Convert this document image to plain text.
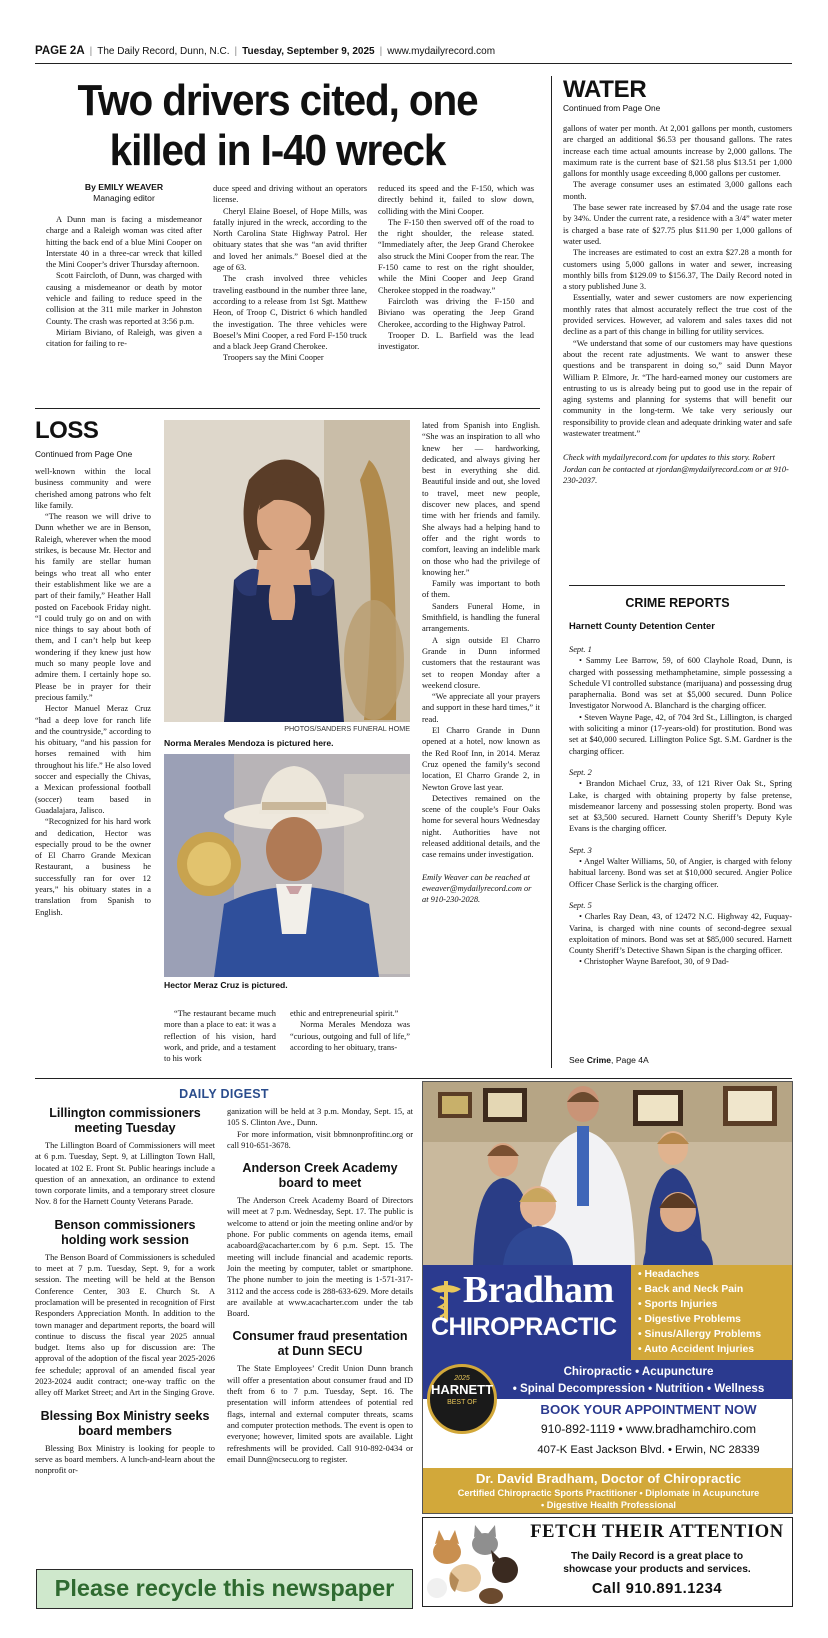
PAGE 2A | The Daily Record, Dunn, N.C. | Tuesday, September 9, 2025 | www.mydailyrecord.com
Two drivers cited, one killed in I-40 wreck
By EMILY WEAVER
Managing editor

A Dunn man is facing a misdemeanor charge and a Raleigh woman was cited after hitting the back end of a blue Mini Cooper on Interstate 40 in a three-car wreck that killed the Mini Cooper’s driver Thursday afternoon.

Scott Faircloth, of Dunn, was charged with causing a misdemeanor or death by motor vehicle and failing to reduce speed in the collision at the 311 mile marker in Johnston County. The crash was reported at 3:56 p.m.

Miriam Biviano, of Raleigh, was given a citation for failing to re-

duce speed and driving without an operators license.

Cheryl Elaine Boesel, of Hope Mills, was fatally injured in the wreck, according to the North Carolina State Highway Patrol. Her obituary states that she was “an avid thrifter and loved her animals.” Boesel died at the age of 63.

The crash involved three vehicles traveling eastbound in the number three lane, according to a release from 1st Sgt. Matthew Heon, of Troop C, District 6 which handled the investigation. The three vehicles were Boesel’s Mini Cooper, a red Ford F-150 truck and a black Jeep Grand Cherokee.

Troopers say the Mini Cooper

reduced its speed and the F-150, which was directly behind it, failed to slow down, colliding with the Mini Cooper.

The F-150 then swerved off of the road to the right shoulder, the release stated. “Immediately after, the Jeep Grand Cherokee also struck the Mini Cooper from the rear. The F-150 came to rest on the right shoulder, while the Mini Cooper and Jeep Grand Cherokee stopped in the roadway.”

Faircloth was driving the F-150 and Biviano was operating the Jeep Grand Cherokee, according to the Highway Patrol.

Trooper D. L. Barfield was the lead investigator.

LOSS
Continued from Page One

well-known within the local business community and were cherished among patrons who felt like family.

“The reason we will drive to Dunn whether we are in Benson, Raleigh, wherever when the mood strikes, is because Mr. Hector and his family are stellar human beings who treat all who enter their establishment like we are a part of their family,” Heather Hall posted on Facebook Friday night. “I could truly go on and on with nice things to say about both of them, and I can’t help but keep wondering if they knew just how much so many people love and admire them. I certainly hope so. Please be in prayer for their precious family.”

Hector Manuel Meraz Cruz “had a deep love for ranch life and the countryside,” according to his obituary, “and his passion for horses remained with him throughout his life.” He also loved soccer and especially the Chivas, a Mexican professional football (soccer) team based in Guadalajara, Jalisco.

“Recognized for his hard work and dedication, Hector was especially proud to be the owner of El Charro Grande Mexican Restaurant, a business he successfully ran for over 12 years,” his obituary states in a translation from Spanish to English.

PHOTOS/SANDERS FUNERAL HOME
Norma Merales Mendoza is pictured here.
Hector Meraz Cruz is pictured.

“The restaurant became much more than a place to eat: it was a reflection of his vision, hard work, and pride, and a testament to his work

ethic and entrepreneurial spirit.”

Norma Merales Mendoza was “curious, outgoing and full of life,” according to her obituary, trans-

lated from Spanish into English. “She was an inspiration to all who knew her — hardworking, dedicated, and always giving her best in everything she did. Beautiful inside and out, she loved to travel, meet new people, discover new places, and spend time with her friends and family. She always had a helping hand to offer and the right words to comfort, leaving an indelible mark on those who had the privilege of knowing her.”

Family was important to both of them.

Sanders Funeral Home, in Smithfield, is handling the funeral arrangements.

A sign outside El Charro Grande in Dunn informed customers that the restaurant was set to reopen Monday after a weekend closure.

“We appreciate all your prayers and support in these hard times,” it read.

El Charro Grande in Dunn opened at a hotel, now known as the Red Roof Inn, in 2014. Meraz Cruz opened the family’s second location, El Charro Grande 2, in Newton Grove last year.

Detectives remained on the scene of the couple’s Four Oaks home for several hours Wednesday night. Authorities have not released additional details, and the case remains under investigation.

Emily Weaver can be reached at eweaver@mydailyrecord.com or at 910-230-2028.

WATER
Continued from Page One

gallons of water per month. At 2,001 gallons per month, customers are charged an additional $6.53 per thousand gallons. The rates increase each time actual amounts increase by 2,000 gallons. The maximum rate is the current base of $21.58 plus $13.51 per 1,000 gallons for monthly usage exceeding 8,000 gallons per customer.

The average consumer uses an estimated 3,000 gallons each month.

The base sewer rate increased by $7.04 and the usage rate rose by 34%. Under the current rate, a residence with a 3/4” water meter is charged a base rate of $27.75 plus $11.90 per 1,000 gallons of water used.

The increases are estimated to cost an extra $27.28 a month for customers using 5,000 gallons in water and sewer, increasing monthly bills from $129.09 to $156.37, The Daily Record noted in a story published June 3.

Essentially, water and sewer customers are now experiencing monthly rates that almost accurately reflect the true cost of the provided services. However, ad valorem and sales taxes did not decline as a part of this change in billing for utility services.

“We understand that some of our customers may have questions about the recent rate adjustments. We want to answer these questions and be transparent in doing so,” said Dunn Mayor William P. Elmore, Jr. “The hard-earned money our customers are entrusting to us is already being put to good use in the repair of aging systems and planning for systems that will benefit our community in the long-term. We take very seriously our responsibility to provide clean and adequate drinking water and safe wastewater treatment.”

Check with mydailyrecord.com for updates to this story. Robert Jordan can be contacted at rjordan@mydailyrecord.com or at 910-230-2037.

CRIME REPORTS
Harnett County Detention Center
Sept. 1

• Sammy Lee Barrow, 59, of 600 Clayhole Road, Dunn, is charged with possessing methamphetamine, simple possessing a Schedule VI controlled substance (marijuana) and possessing drug paraphernalia. Bond was set at $5,000 secured. Dunn Police Investigator Norwood A. Blanchard is the charging officer.

• Steven Wayne Page, 42, of 704 3rd St., Lillington, is charged with soliciting a minor (17-years-old) for prostitution. Bond was set at $40,000 secured. Lillington Police Sgt. S.M. Gardner is the charging officer.

Sept. 2

• Brandon Michael Cruz, 33, of 121 River Oak St., Spring Lake, is charged with obtaining property by false pretense, misdemeanor larceny and possessing stolen property. Bond was set at $3,500 secured. Harnett County Sheriff’s Deputy Kyle Evans is the charging officer.

Sept. 3

• Angel Walter Williams, 50, of Angier, is charged with felony habitual larceny. Bond was set at $10,000 secured. Angier Police Officer Chase Serlick is the charging officer.

Sept. 5

• Charles Ray Dean, 43, of 12472 N.C. Highway 42, Fuquay-Varina, is charged with nine counts of second-degree sexual exploitation of minors. Bond was set at $85,000 secured. Harnett County Sheriff’s Detective Shawn Sipan is the charging officer.

• Christopher Wayne Barefoot, 30, of 9 Dad-

See Crime, Page 4A
DAILY DIGEST
Lillington commissioners meeting Tuesday

The Lillington Board of Commissioners will meet at 6 p.m. Tuesday, Sept. 9, at Lillington Town Hall, located at 102 E. Front St. Public hearings include a question of an annexation, an ordinance to extend town corporate limits, and a temporary street closure Nov. 8 for the Harnett County Veterans Parade.

Benson commissioners holding work session

The Benson Board of Commissioners is scheduled to meet at 7 p.m. Tuesday, Sept. 9, for a work session. The meeting will be held at the Benson Conference Center, 303 E. Church St. A proclamation will be presented in recognition of First Responders Appreciation Month. In addition to the town manager and department reports, the board will continue to discuss the fiscal year 2025 annual budget. Items also up for discussion are: The approval of the adoption of the fiscal year 2025-2026 fee schedule; approval of an amended fiscal year 2023-2024 audit contract; one-way traffic on the alley off Market Street; and Art in the Singing Grove.

Blessing Box Ministry seeks board members

Blessing Box Ministry is looking for people to serve as board members. A lunch-and-learn about the nonprofit or-

ganization will be held at 3 p.m. Monday, Sept. 15, at 105 S. Clinton Ave., Dunn.

For more information, visit bbmnonprofitinc.org or call 910-651-3678.

Anderson Creek Academy board to meet

The Anderson Creek Academy Board of Directors will meet at 7 p.m. Wednesday, Sept. 17. The public is welcome to attend or join the meeting online and/or by phone. For public comments on agenda items, email acaboard@acacharter.com by 6 p.m. Sept. 15. The meeting will include financial and academic reports. Join the meeting by computer, tablet or smartphone. The phone number to join the meeting is 1-571-317-3112 and the access code is 288-633-629. More details are available at www.acacharter.com under the tab Board.

Consumer fraud presentation at Dunn SECU

The State Employees’ Credit Union Dunn branch will offer a presentation about consumer fraud and ID theft from 6 to 7 p.m. Tuesday, Sept. 16. The presentation will inform attendees of potential red flags, internal and external computer threats, scams and computer protection methods. The event is open to everyone; however, limited spots are available. Light refreshments will be provided. Call 910-892-0434 or email Dunn@ncsecu.org to register.

Please recycle this newspaper
Bradham
CHIROPRACTIC
• Headaches
• Back and Neck Pain
• Sports Injuries
• Digestive Problems
• Sinus/Allergy Problems
• Auto Accident Injuries
Chiropractic • Acupuncture
• Spinal Decompression • Nutrition • Wellness
2025
HARNETT
BEST OF	BOOK YOUR APPOINTMENT NOW
910-892-1119 • www.bradhamchiro.com
407-K East Jackson Blvd. • Erwin, NC 28339
Dr. David Bradham, Doctor of Chiropractic
Certified Chiropractic Sports Practitioner • Diplomate in Acupuncture
• Digestive Health Professional
FETCH THEIR ATTENTION
The Daily Record is a great place to
showcase your products and services.
Call 910.891.1234
